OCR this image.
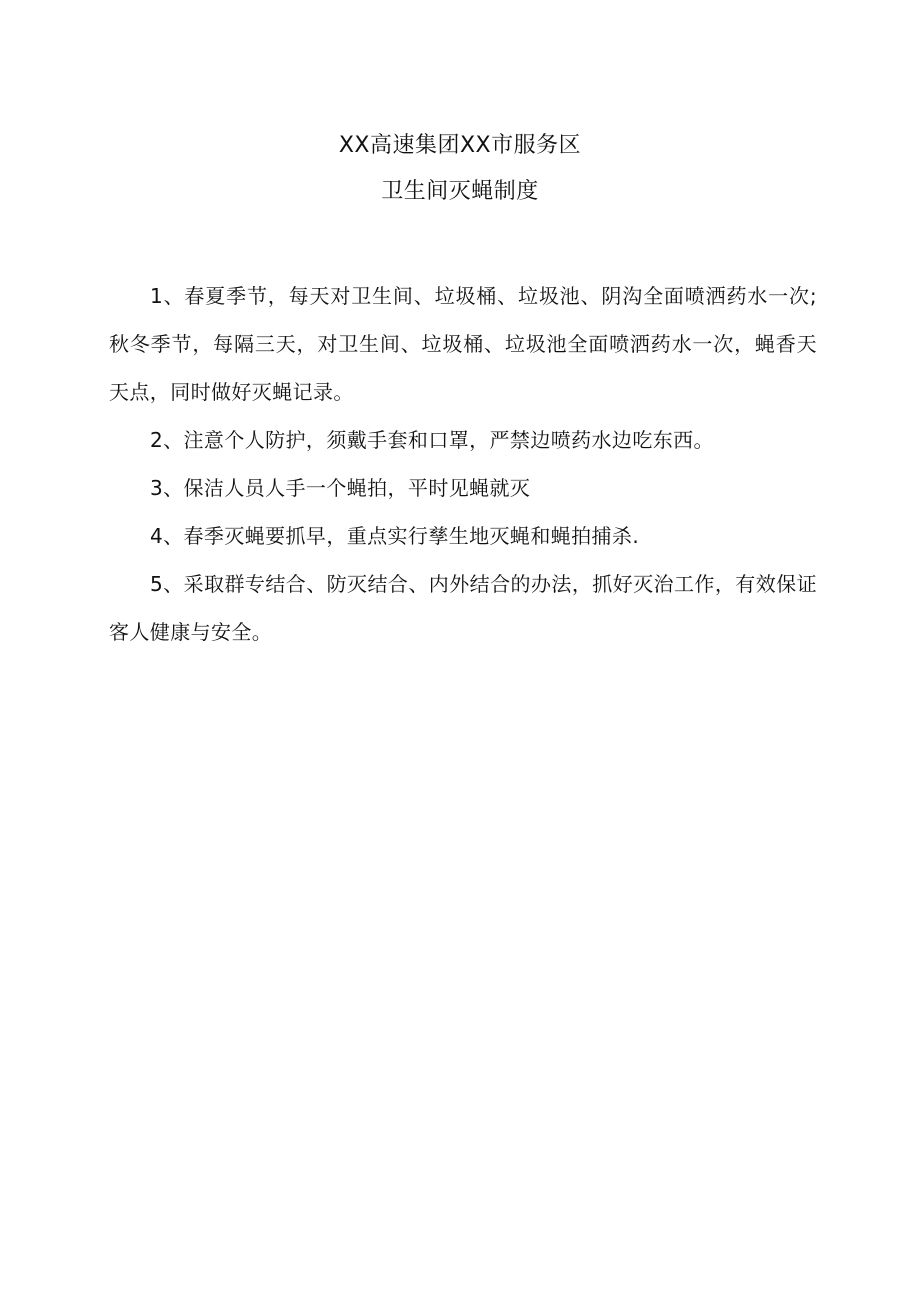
XX高速集团XX市服务区
卫生间灭蝇制度

1、春夏季节，每天对卫生间、垃圾桶、垃圾池、阴沟全面喷洒药水一次;秋冬季节，每隔三天，对卫生间、垃圾桶、垃圾池全面喷洒药水一次，蝇香天天点，同时做好灭蝇记录。

2、注意个人防护，须戴手套和口罩，严禁边喷药水边吃东西。

3、保洁人员人手一个蝇拍，平时见蝇就灭

4、春季灭蝇要抓早，重点实行孳生地灭蝇和蝇拍捕杀.

5、采取群专结合、防灭结合、内外结合的办法，抓好灭治工作，有效保证客人健康与安全。
